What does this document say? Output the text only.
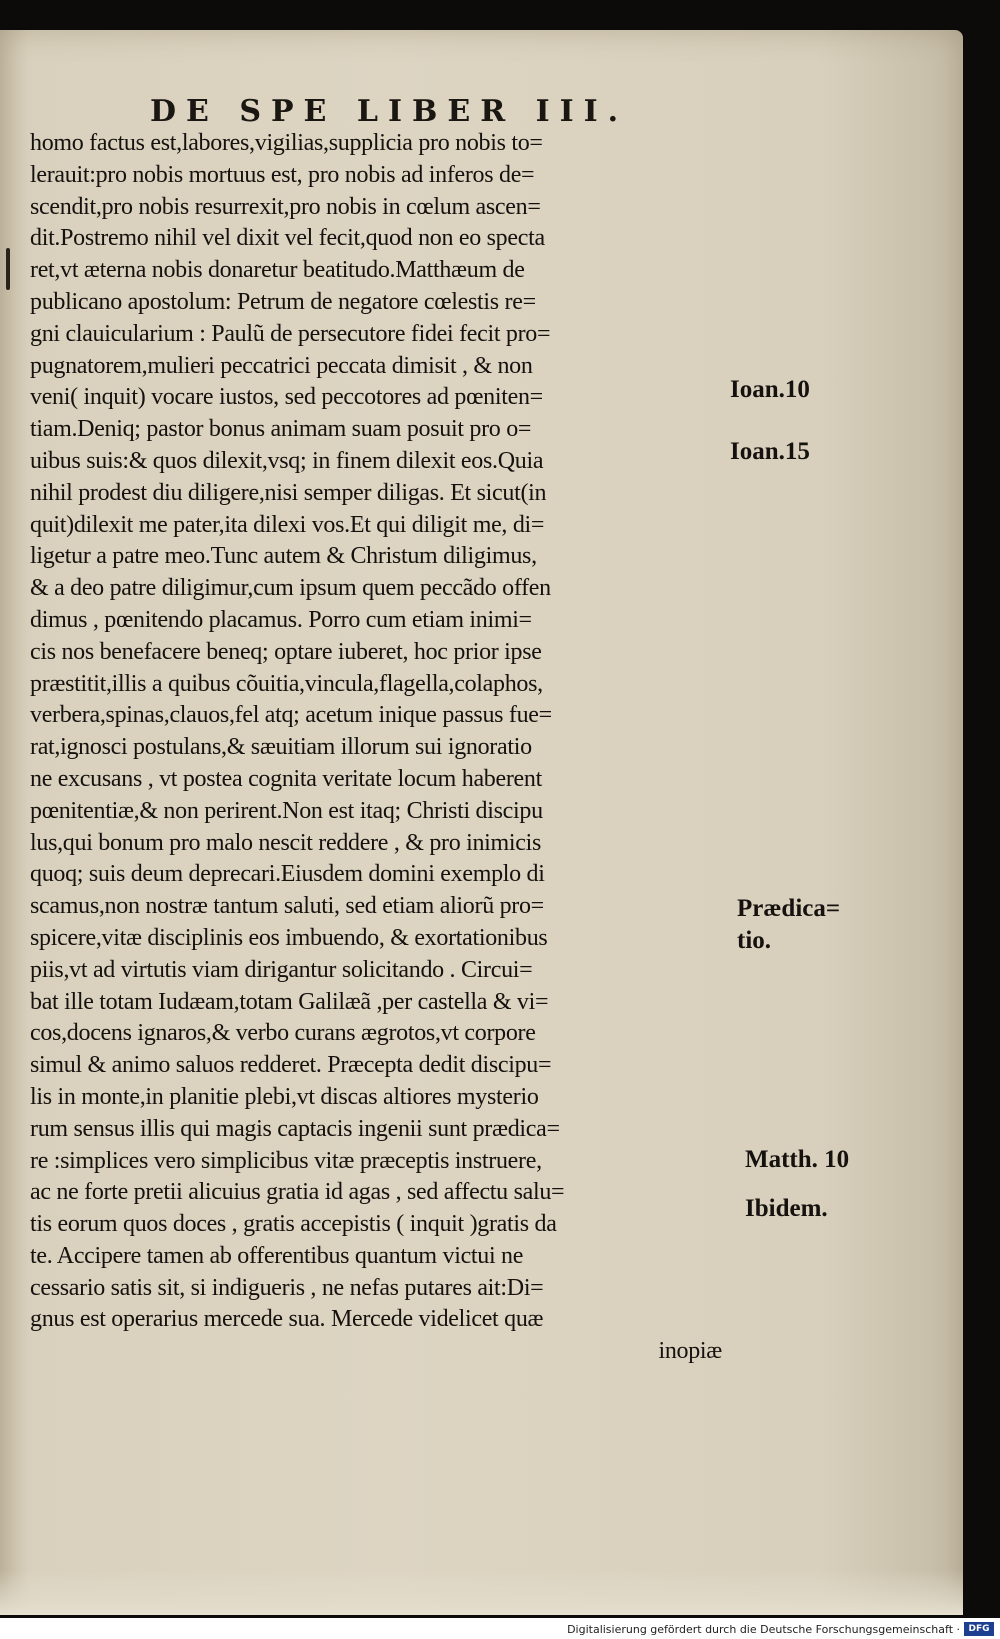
DE SPE LIBER III.
homo factus est,labores,vigilias,supplicia pro nobis to=
lerauit:pro nobis mortuus est, pro nobis ad inferos de=
scendit,pro nobis resurrexit,pro nobis in cœlum ascen=
dit.Postremo nihil vel dixit vel fecit,quod non eo specta
ret,vt æterna nobis donaretur beatitudo.Matthæum de
publicano apostolum: Petrum de negatore cœlestis re=
gni clauicularium : Paulũ de persecutore fidei fecit pro=
pugnatorem,mulieri peccatrici peccata dimisit , & non
veni( inquit) vocare iustos, sed peccotores ad pœniten=
tiam.Deniq; pastor bonus animam suam posuit pro o=
uibus suis:& quos dilexit,vsq; in finem dilexit eos.Quia
nihil prodest diu diligere,nisi semper diligas. Et sicut(in
quit)dilexit me pater,ita dilexi vos.Et qui diligit me, di=
ligetur a patre meo.Tunc autem & Christum diligimus,
& a deo patre diligimur,cum ipsum quem peccãdo offen
dimus , pœnitendo placamus. Porro cum etiam inimi=
cis nos benefacere beneq; optare iuberet, hoc prior ipse
præstitit,illis a quibus cõuitia,vincula,flagella,colaphos,
verbera,spinas,clauos,fel atq; acetum inique passus fue=
rat,ignosci postulans,& sæuitiam illorum sui ignoratio
ne excusans , vt postea cognita veritate locum haberent
pœnitentiæ,& non perirent.Non est itaq; Christi discipu
lus,qui bonum pro malo nescit reddere , & pro inimicis
quoq; suis deum deprecari.Eiusdem domini exemplo di
scamus,non nostræ tantum saluti, sed etiam aliorũ pro=
spicere,vitæ disciplinis eos imbuendo, & exortationibus
piis,vt ad virtutis viam dirigantur solicitando . Circui=
bat ille totam Iudæam,totam Galilæã ,per castella & vi=
cos,docens ignaros,& verbo curans ægrotos,vt corpore
simul & animo saluos redderet. Præcepta dedit discipu=
lis in monte,in planitie plebi,vt discas altiores mysterio
rum sensus illis qui magis captacis ingenii sunt prædica=
re :simplices vero simplicibus vitæ præceptis instruere,
ac ne forte pretii alicuius gratia id agas , sed affectu salu=
tis eorum quos doces , gratis accepistis ( inquit )gratis da
te. Accipere tamen ab offerentibus quantum victui ne
cessario satis sit, si indigueris , ne nefas putares ait:Di=
gnus est operarius mercede sua. Mercede videlicet quæ
inopiæ
Ioan.10
Ioan.15
Prædica=
tio.
Matth. 10
Ibidem.
Digitalisierung gefördert durch die Deutsche Forschungsgemeinschaft · DFG
